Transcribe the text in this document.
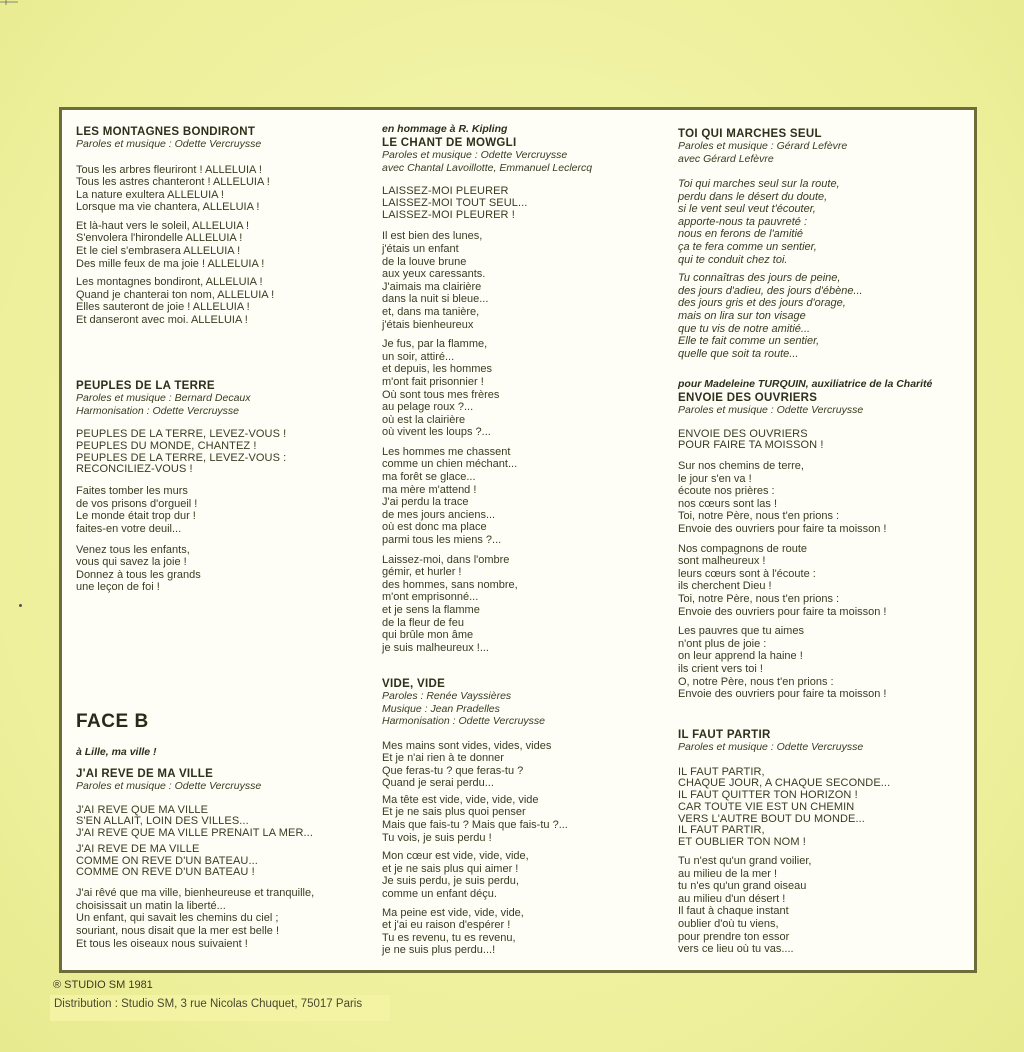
LES MONTAGNES BONDIRONT

Paroles et musique : Odette Vercruysse

Tous les arbres fleuriront ! ALLELUIA !
Tous les astres chanteront ! ALLELUIA !
La nature exultera ALLELUIA !
Lorsque ma vie chantera, ALLELUIA !
Et là-haut vers le soleil, ALLELUIA !
S'envolera l'hirondelle ALLELUIA !
Et le ciel s'embrasera ALLELUIA !
Des mille feux de ma joie ! ALLELUIA !
Les montagnes bondiront, ALLELUIA !
Quand je chanterai ton nom, ALLELUIA !
Elles sauteront de joie ! ALLELUIA !
Et danseront avec moi. ALLELUIA !

PEUPLES DE LA TERRE

Paroles et musique : Bernard Decaux

Harmonisation : Odette Vercruysse

PEUPLES DE LA TERRE, LEVEZ-VOUS !
PEUPLES DU MONDE, CHANTEZ !
PEUPLES DE LA TERRE, LEVEZ-VOUS :
RECONCILIEZ-VOUS !
Faites tomber les murs
de vos prisons d'orgueil !
Le monde était trop dur !
faites-en votre deuil...
Venez tous les enfants,
vous qui savez la joie !
Donnez à tous les grands
une leçon de foi !
FACE B

à Lille, ma ville !

J'AI REVE DE MA VILLE

Paroles et musique : Odette Vercruysse

J'AI REVE QUE MA VILLE
S'EN ALLAIT, LOIN DES VILLES...
J'AI REVE QUE MA VILLE PRENAIT LA MER...
J'AI REVE DE MA VILLE
COMME ON REVE D'UN BATEAU...
COMME ON REVE D'UN BATEAU !
J'ai rêvé que ma ville, bienheureuse et tranquille,
choisissait un matin la liberté...
Un enfant, qui savait les chemins du ciel ;
souriant, nous disait que la mer est belle !
Et tous les oiseaux nous suivaient !

en hommage à R. Kipling

LE CHANT DE MOWGLI

Paroles et musique : Odette Vercruysse

avec Chantal Lavoillotte, Emmanuel Leclercq

LAISSEZ-MOI PLEURER
LAISSEZ-MOI TOUT SEUL...
LAISSEZ-MOI PLEURER !
Il est bien des lunes,
j'étais un enfant
de la louve brune
aux yeux caressants.
J'aimais ma clairière
dans la nuit si bleue...
et, dans ma tanière,
j'étais bienheureux
Je fus, par la flamme,
un soir, attiré...
et depuis, les hommes
m'ont fait prisonnier !
Où sont tous mes frères
au pelage roux ?...
où est la clairière
où vivent les loups ?...
Les hommes me chassent
comme un chien méchant...
ma forêt se glace...
ma mère m'attend !
J'ai perdu la trace
de mes jours anciens...
où est donc ma place
parmi tous les miens ?...
Laissez-moi, dans l'ombre
gémir, et hurler !
des hommes, sans nombre,
m'ont emprisonné...
et je sens la flamme
de la fleur de feu
qui brûle mon âme
je suis malheureux !...

VIDE, VIDE

Paroles : Renée Vayssières

Musique : Jean Pradelles

Harmonisation : Odette Vercruysse

Mes mains sont vides, vides, vides
Et je n'ai rien à te donner
Que feras-tu ? que feras-tu ?
Quand je serai perdu...
Ma tête est vide, vide, vide, vide
Et je ne sais plus quoi penser
Mais que fais-tu ? Mais que fais-tu ?...
Tu vois, je suis perdu !
Mon cœur est vide, vide, vide,
et je ne sais plus qui aimer !
Je suis perdu, je suis perdu,
comme un enfant déçu.
Ma peine est vide, vide, vide,
et j'ai eu raison d'espérer !
Tu es revenu, tu es revenu,
je ne suis plus perdu...!

TOI QUI MARCHES SEUL

Paroles et musique : Gérard Lefèvre

avec Gérard Lefèvre

Toi qui marches seul sur la route,
perdu dans le désert du doute,
si le vent seul veut t'écouter,
apporte-nous ta pauvreté :
nous en ferons de l'amitié
ça te fera comme un sentier,
qui te conduit chez toi.
Tu connaîtras des jours de peine,
des jours d'adieu, des jours d'ébène...
des jours gris et des jours d'orage,
mais on lira sur ton visage
que tu vis de notre amitié...
Elle te fait comme un sentier,
quelle que soit ta route...

pour Madeleine TURQUIN, auxiliatrice de la Charité

ENVOIE DES OUVRIERS

Paroles et musique : Odette Vercruysse

ENVOIE DES OUVRIERS
POUR FAIRE TA MOISSON !
Sur nos chemins de terre,
le jour s'en va !
écoute nos prières :
nos cœurs sont las !
Toi, notre Père, nous t'en prions :
Envoie des ouvriers pour faire ta moisson !
Nos compagnons de route
sont malheureux !
leurs cœurs sont à l'écoute :
ils cherchent Dieu !
Toi, notre Père, nous t'en prions :
Envoie des ouvriers pour faire ta moisson !
Les pauvres que tu aimes
n'ont plus de joie :
on leur apprend la haine !
ils crient vers toi !
O, notre Père, nous t'en prions :
Envoie des ouvriers pour faire ta moisson !

IL FAUT PARTIR

Paroles et musique : Odette Vercruysse

IL FAUT PARTIR,
CHAQUE JOUR, A CHAQUE SECONDE...
IL FAUT QUITTER TON HORIZON !
CAR TOUTE VIE EST UN CHEMIN
VERS L'AUTRE BOUT DU MONDE...
IL FAUT PARTIR,
ET OUBLIER TON NOM !
Tu n'est qu'un grand voilier,
au milieu de la mer !
tu n'es qu'un grand oiseau
au milieu d'un désert !
Il faut à chaque instant
oublier d'où tu viens,
pour prendre ton essor
vers ce lieu où tu vas....
® STUDIO SM 1981
Distribution : Studio SM, 3 rue Nicolas Chuquet, 75017 Paris
